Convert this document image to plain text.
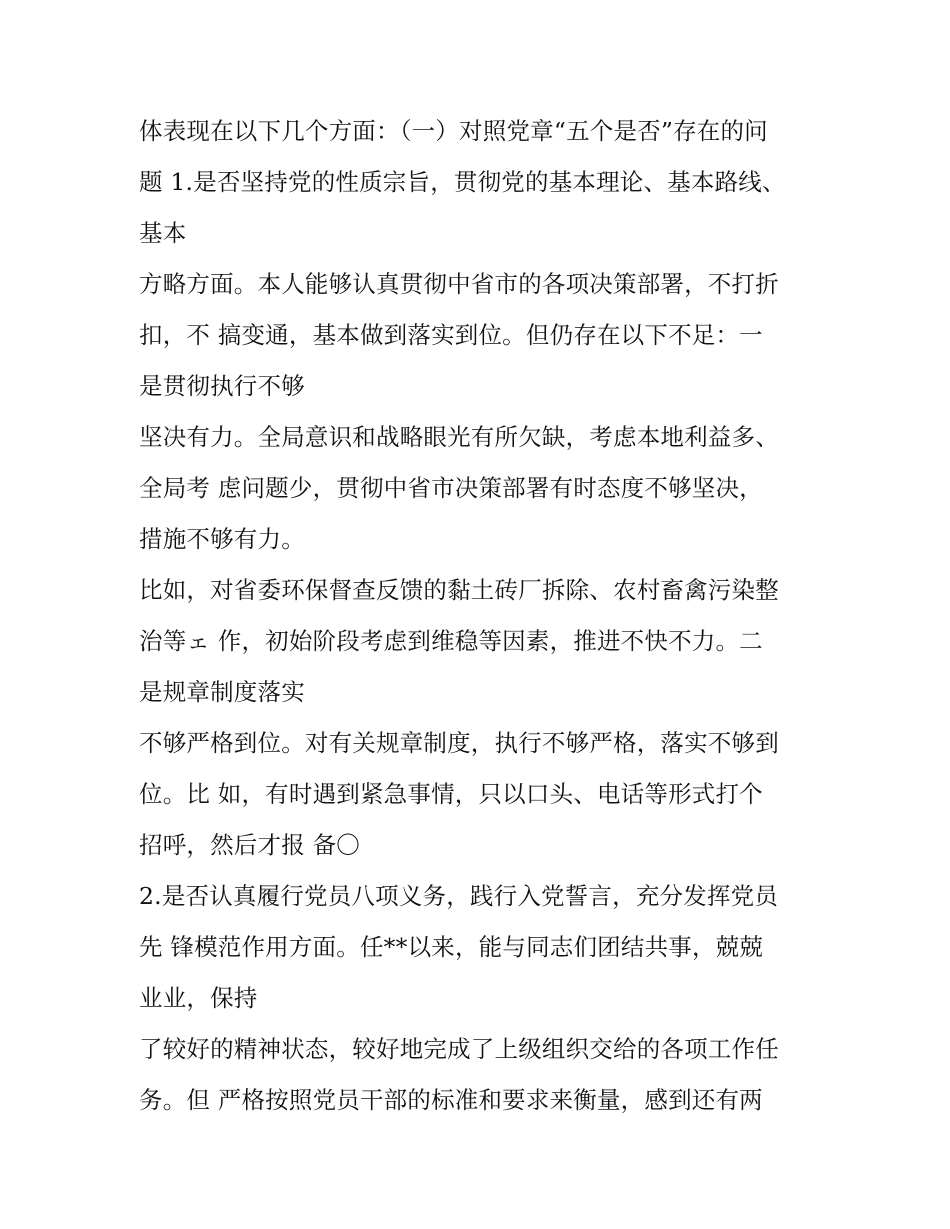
体表现在以下几个方面：（一）对照党章“五个是否”存在的问
题 1.是否坚持党的性质宗旨，贯彻党的基本理论、基本路线、
基本
方略方面。本人能够认真贯彻中省市的各项决策部署，不打折
扣，不 搞变通，基本做到落实到位。但仍存在以下不足：一
是贯彻执行不够
坚决有力。全局意识和战略眼光有所欠缺，考虑本地利益多、
全局考 虑问题少，贯彻中省市决策部署有时态度不够坚决，
措施不够有力。
比如，对省委环保督查反馈的黏土砖厂拆除、农村畜禽污染整
治等ェ 作，初始阶段考虑到维稳等因素，推进不快不力。二
是规章制度落实
不够严格到位。对有关规章制度，执行不够严格，落实不够到
位。比 如，有时遇到紧急事情，只以口头、电话等形式打个
招呼，然后才报 备〇
2.是否认真履行党员八项义务，践行入党誓言，充分发挥党员
先 锋模范作用方面。任**以来，能与同志们团结共事，兢兢
业业，保持
了较好的精神状态，较好地完成了上级组织交给的各项工作任
务。但 严格按照党员干部的标准和要求来衡量，感到还有两
